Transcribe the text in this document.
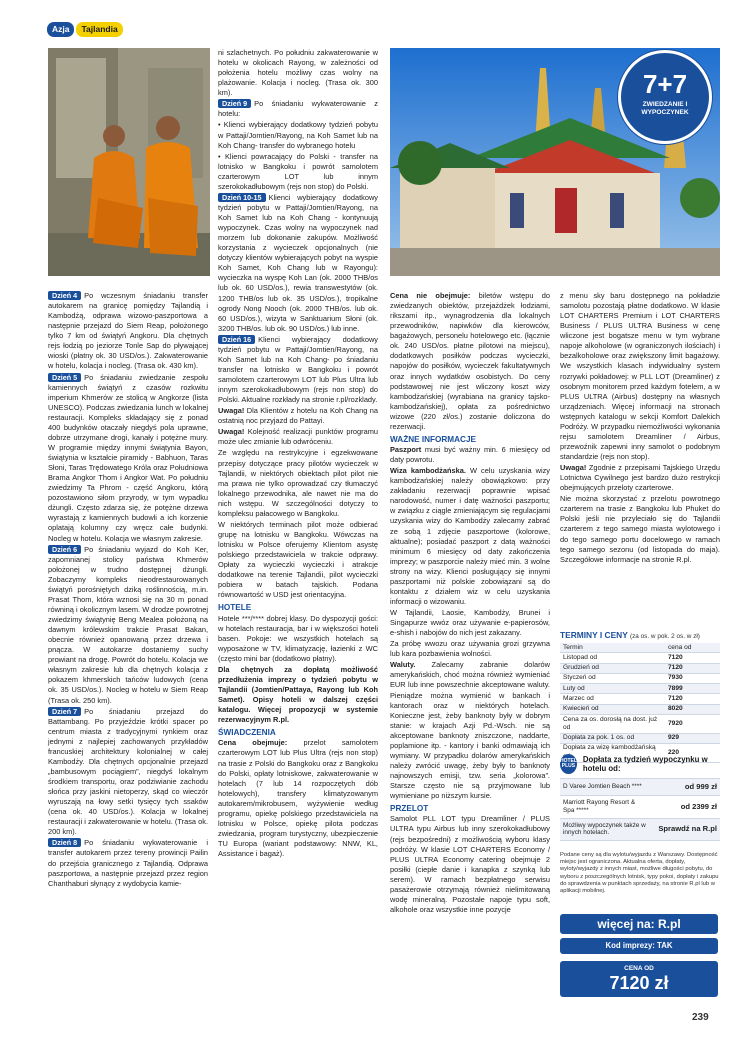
Azja	Tajlandia
7+7
ZWIEDZANIE I WYPOCZYNEK

Dzień 4 Po wczesnym śniadaniu transfer autokarem na granicę pomiędzy Tajlandią i Kambodżą, odprawa wizowo-paszportowa a następnie przejazd do Siem Reap, położonego tylko 7 km od świątyń Angkoru. Dla chętnych rejs łodzią po jeziorze Tonle Sap do pływającej wioski (płatny ok. 30 USD/os.). Zakwaterowanie w hotelu, kolacja i nocleg. (Trasa ok. 430 km).

Dzień 5 Po śniadaniu zwiedzanie zespołu kamiennych świątyń z czasów rozkwitu imperium Khmerów ze stolicą w Angkorze (lista UNESCO). Podczas zwiedzania lunch w lokalnej restauracji. Kompleks składający się z ponad 400 budynków otaczały niegdyś pola uprawne, dobrze utrzymane drogi, kanały i potężne mury. W programie między innymi świątynia Bayon, świątynia w kształcie piramidy - Babhuon, Taras Słoni, Taras Trędowatego Króla oraz Południowa Brama Angkor Thom i Angkor Wat. Po południu zwiedzimy Ta Phrom - część Angkoru, którą pozostawiono siłom przyrody, w tym wypadku dżungli. Często zdarza się, że potężne drzewa wyrastają z kamiennych budowli a ich korzenie oplatają kolumny czy wręcz całe budynki. Nocleg w hotelu. Kolacja we własnym zakresie.

Dzień 6 Po śniadaniu wyjazd do Koh Ker, zapomnianej stolicy państwa Khmerów położonej w trudno dostępnej dżungli. Zobaczymy kompleks nieodrestaurowanych świątyń porośniętych dziką roślinnością, m.in. Prasat Thom, która wznosi się na 30 m ponad równiną i okolicznym lasem. W drodze powrotnej zwiedzimy świątynię Beng Mealea położoną na dawnym królewskim trakcie Prasat Bakan, obecnie również opanowaną przez drzewa i pnącza. W autokarze dostaniemy suchy prowiant na drogę. Powrót do hotelu. Kolacja we własnym zakresie lub dla chętnych kolacja z pokazem khmerskich tańców ludowych (cena ok. 35 USD/os.). Nocleg w hotelu w Siem Reap (Trasa ok. 250 km).

Dzień 7 Po śniadaniu przejazd do Battambang. Po przyjeździe krótki spacer po centrum miasta z tradycyjnymi rynkiem oraz jednymi z najlepiej zachowanych przykładów francuskiej architektury kolonialnej w całej Kambodży. Dla chętnych opcjonalnie przejazd „bambusowym pociągiem”, niegdyś lokalnym środkiem transportu, oraz podziwianie zachodu słońca przy jaskini nietoperzy, skąd co wieczór wyruszają na łowy setki tysięcy tych ssaków (cena ok. 40 USD/os.). Kolacja w lokalnej restauracji i zakwaterowanie w hotelu. (Trasa ok. 200 km).

Dzień 8 Po śniadaniu wykwaterowanie i transfer autokarem przez tereny prowincji Pailin do przejścia granicznego z Tajlandią. Odprawa paszportowa, a następnie przejazd przez region Chanthaburi słynący z wydobycia kamie-

ni szlachetnych. Po południu zakwaterowanie w hotelu w okolicach Rayong, w zależności od położenia hotelu możliwy czas wolny na plażowanie. Kolacja i nocleg. (Trasa ok. 300 km).

Dzień 9 Po śniadaniu wykwaterowanie z hotelu:

• Klienci wybierający dodatkowy tydzień pobytu w Pattaji/Jomtien/Rayong, na Koh Samet lub na Koh Chang- transfer do wybranego hotelu

• Klienci powracający do Polski - transfer na lotnisko w Bangkoku i powrót samolotem czarterowym LOT lub innym szerokokadłubowym (rejs non stop) do Polski.

Dzień 10-15 Klienci wybierający dodatkowy tydzień pobytu w Pattaji/Jomtien/Rayong, na Koh Samet lub na Koh Chang - kontynuują wypoczynek. Czas wolny na wypoczynek nad morzem lub dokonanie zakupów. Możliwość korzystania z wycieczek opcjonalnych (nie dotyczy klientów wybierających pobyt na wyspie Koh Samet, Koh Chang lub w Rayongu): wycieczka na wyspę Koh Lan (ok. 2000 THB/os lub ok. 60 USD/os.), rewia transwestytów (ok. 1200 THB/os lub ok. 35 USD/os.), tropikalne ogrody Nong Nooch (ok. 2000 THB/os. lub ok. 60 USD/os.), wizyta w Sanktuarium Słoni (ok. 3200 THB/os. lub ok. 90 USD/os.) lub inne.

Dzień 16 Klienci wybierający dodatkowy tydzień pobytu w Pattaji/Jomtien/Rayong, na Koh Samet lub na Koh Chang- po śniadaniu transfer na lotnisko w Bangkoku i powrót samolotem czarterowym LOT lub Plus Ultra lub innym szerokokadłubowym (rejs non stop) do Polski. Aktualne rozkłady na stronie r.pl/rozklady.

Uwaga! Dla Klientów z hotelu na Koh Chang na ostatnią noc przyjazd do Pattayi.

Uwaga! Kolejność realizacji punktów programu może ulec zmianie lub odwróceniu.

Ze względu na restrykcyjne i egzekwowane przepisy dotyczące pracy pilotów wycieczek w Tajlandii, w niektórych obiektach pilot pilot nie ma prawa nie tylko oprowadzać czy tłumaczyć lokalnego przewodnika, ale nawet nie ma do nich wstępu. W szczególności dotyczy to kompleksu pałacowego w Bangkoku.

W niektórych terminach pilot może odbierać grupę na lotnisku w Bangkoku. Wówczas na lotnisku w Polsce oferujemy Klientom asystę polskiego przedstawiciela w trakcie odprawy. Opłaty za wycieczki wycieczki i atrakcje dodatkowe na terenie Tajlandii, pilot wycieczki pobiera w batach tajskich. Podana równowartość w USD jest orientacyjna.

HOTELE

Hotele ***/**** dobrej klasy. Do dyspozycji gości: w hotelach restauracja, bar i w większości hoteli basen. Pokoje: we wszystkich hotelach są wyposażone w TV, klimatyzację, łazienki z WC (często mini bar (dodatkowo płatny).

Dla chętnych za dopłatą możliwość przedłużenia imprezy o tydzień pobytu w Tajlandii (Jomtien/Pattaya, Rayong lub Koh Samet). Opisy hoteli w dalszej części katalogu. Więcej propozycji w systemie rezerwacyjnym R.pl.

ŚWIADCZENIA

Cena obejmuje: przelot samolotem czarterowym LOT lub Plus Ultra (rejs non stop) na trasie z Polski do Bangkoku oraz z Bangkoku do Polski, opłaty lotniskowe, zakwaterowanie w hotelach (7 lub 14 rozpoczętych dób hotelowych), transfery klimatyzowanym autokarem/mikrobusem, wyżywienie według programu, opiekę polskiego przedstawiciela na lotnisku w Polsce, opiekę pilota podczas zwiedzania, program turystyczny, ubezpieczenie TU Europa (wariant podstawowy: NNW, KL, Assistance i bagaż).

Cena nie obejmuje: biletów wstępu do zwiedzanych obiektów, przejażdżek łodziami, rikszami itp., wynagrodzenia dla lokalnych przewodników, napiwków dla kierowców, bagażowych, personelu hotelowego etc. (łącznie ok. 240 USD/os. płatne pilotowi na miejscu), dodatkowych posiłków podczas wycieczki, napojów do posiłków, wycieczek fakultatywnych oraz innych wydatków osobistych. Do ceny podstawowej nie jest wliczony koszt wizy kambodżańskiej (wyrabiana na granicy tajsko-kambodżańskiej), opłata za pośrednictwo wizowe (220 zł/os.) zostanie doliczona do rezerwacji.

WAŻNE INFORMACJE

Paszport musi być ważny min. 6 miesięcy od daty powrotu.

Wiza kambodżańska. W celu uzyskania wizy kambodżańskiej należy obowiązkowo: przy zakładaniu rezerwacji poprawnie wpisać narodowość, numer i datę ważności paszportu; w związku z ciągle zmieniającym się regulacjami uzyskania wizy do Kambodży zalecamy zabrać ze sobą 1 zdjęcie paszportowe (kolorowe, aktualne); posiadać paszport z datą ważności minimum 6 miesięcy od daty zakończenia imprezy; w paszporcie należy mieć min. 3 wolne strony na wizy. Klienci posługujący się innymi paszportami niż polskie zobowiązani są do kontaktu z działem wiz w celu uzyskania informacji o wizowaniu.

W Tajlandii, Laosie, Kambodży, Brunei i Singapurze wwóz oraz używanie e-papierosów, e-shish i nabojów do nich jest zakazany.

Za próbę wwozu oraz używania grozi grzywna lub kara pozbawienia wolności.

Waluty. Zalecamy zabranie dolarów amerykańskich, choć można również wymieniać EUR lub inne powszechnie akceptowane waluty. Pieniądze można wymienić w bankach i kantorach oraz w niektórych hotelach. Konieczne jest, żeby banknoty były w dobrym stanie: w krajach Azji Pd.-Wsch. nie są akceptowane banknoty zniszczone, naddarte, poplamione itp. - kantory i banki odmawiają ich wymiany. W przypadku dolarów amerykańskich należy zwrócić uwagę, żeby były to banknoty najnowszych emisji, tzw. seria „kolorowa”. Starsze często nie są przyjmowane lub wymieniane po niższym kursie.

PRZELOT

Samolot PLL LOT typu Dreamliner / PLUS ULTRA typu Airbus lub inny szerokokadłubowy (rejs bezpośredni) z możliwością wyboru klasy podróży. W klasie LOT CHARTERS Economy / PLUS ULTRA Economy catering obejmuje 2 posiłki (ciepłe danie i kanapka z szynką lub serem). W ramach bezpłatnego serwisu pasażerowie otrzymają również nielimitowaną wodę mineralną. Pozostałe napoje typu soft, alkohole oraz wszystkie inne pozycje

z menu sky baru dostępnego na pokładzie samolotu pozostają płatne dodatkowo. W klasie LOT CHARTERS Premium i LOT CHARTERS Business / PLUS ULTRA Business w cenę wliczone jest bogatsze menu w tym wybrane napoje alkoholowe (w ograniczonych ilościach) i bezalkoholowe oraz zwiększony limit bagażowy. We wszystkich klasach indywidualny system rozrywki pokładowej: w PLL LOT (Dreamliner) z osobnym monitorem przed każdym fotelem, a w PLUS ULTRA (Airbus) dostępny na własnych urządzeniach. Więcej informacji na stronach wstępnych katalogu w sekcji Komfort Dalekich Podróży. W przypadku niemożliwości wykonania rejsu samolotem Dreamliner / Airbus, przewoźnik zapewni inny samolot o podobnym standardzie (rejs non stop).

Uwaga! Zgodnie z przepisami Tajskiego Urzędu Lotnictwa Cywilnego jest bardzo dużo restrykcji obejmujących przeloty czarterowe.

Nie można skorzystać z przelotu powrotnego czarterem na trasie z Bangkoku lub Phuket do Polski jeśli nie przyleciało się do Tajlandii czarterem z tego samego miasta wylotowego i do tego samego portu docelowego w ramach tego samego sezonu (od listopada do maja). Szczegółowe informacje na stronie R.pl.

TERMINY I CENY (za os. w pok. 2 os. w zł)
Termin	cena od
Listopad od	7120
Grudzień od	7120
Styczeń od	7930
Luty od	7899
Marzec od	7120
Kwiecień od	8020
Cena za os. dorosłą na dost. już od	7920
Dopłata za pok. 1 os. od	929
Dopłata za wizę kambodżańską	220
HOTEL PLUS
Dopłata za tydzień wypoczynku w hotelu od:
D Varee Jomtien Beach ****	od 999 zł
Marriott Rayong Resort & Spa *****	od 2399 zł
Możliwy wypoczynek także w innych hotelach.	Sprawdź na R.pl
Podane ceny są dla wylotu/wyjazdu z Warszawy. Dostępność miejsc jest ograniczona. Aktualna oferta, dopłaty, wyloty/wyjazdy z innych miast, możliwe długości pobytu, do wyboru z poszczególnych lotnisk, typy pokoi, dopłaty i zakupu do sprawdzenia w punktach sprzedaży, na stronie R.pl lub w aplikacji mobilnej.
więcej na: R.pl
Kod imprezy: TAK
CENA OD
7120 zł
239
